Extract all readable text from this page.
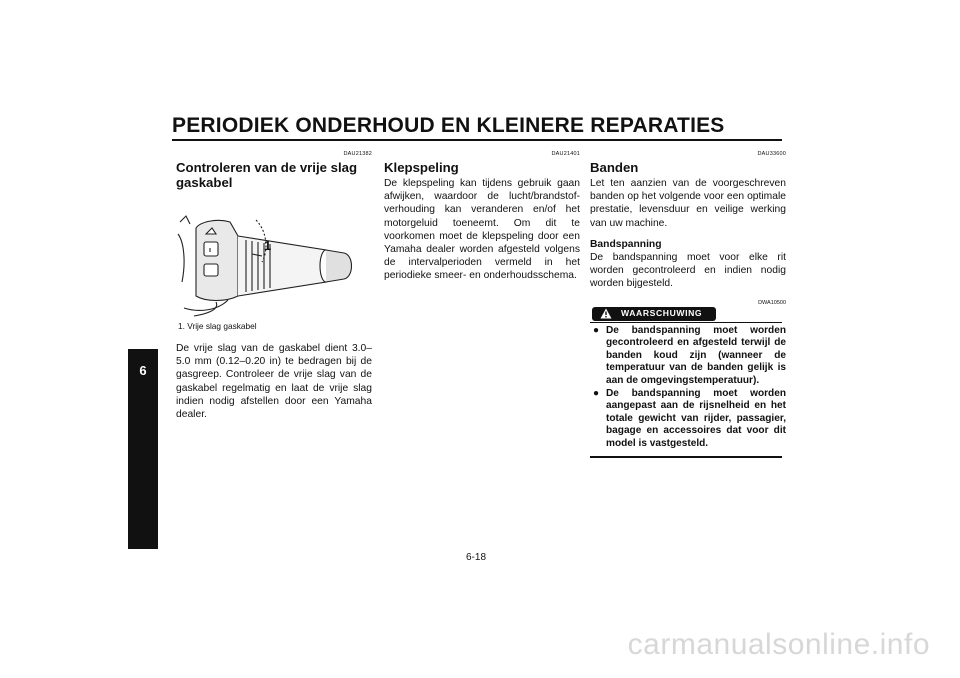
PERIODIEK ONDERHOUD EN KLEINERE REPARATIES
6
DAU21382
Controleren van de vrije slag gaskabel
1
1. Vrije slag gaskabel

De vrije slag van de gaskabel dient 3.0–5.0 mm (0.12–0.20 in) te bedragen bij de gasgreep. Controleer de vrije slag van de gaskabel regelmatig en laat de vrije slag indien nodig afstellen door een Yamaha dealer.

DAU21401
Klepspeling

De klepspeling kan tijdens gebruik gaan afwijken, waardoor de lucht/brandstof-verhouding kan veranderen en/of het motorgeluid toeneemt. Om dit te voorkomen moet de klepspeling door een Yamaha dealer worden afgesteld volgens de intervalperioden vermeld in het periodieke smeer- en onderhoudsschema.

DAU33600
Banden

Let ten aanzien van de voorgeschreven banden op het volgende voor een optimale prestatie, levensduur en veilige werking van uw machine.

Bandspanning

De bandspanning moet voor elke rit worden gecontroleerd en indien nodig worden bijgesteld.

DWA10500
WAARSCHUWING
● De bandspanning moet worden gecontroleerd en afgesteld terwijl de banden koud zijn (wanneer de temperatuur van de banden gelijk is aan de omgevingstemperatuur).
● De bandspanning moet worden aangepast aan de rijsnelheid en het totale gewicht van rijder, passagier, bagage en accessoires dat voor dit model is vastgesteld.
6-18
carmanualsonline.info
